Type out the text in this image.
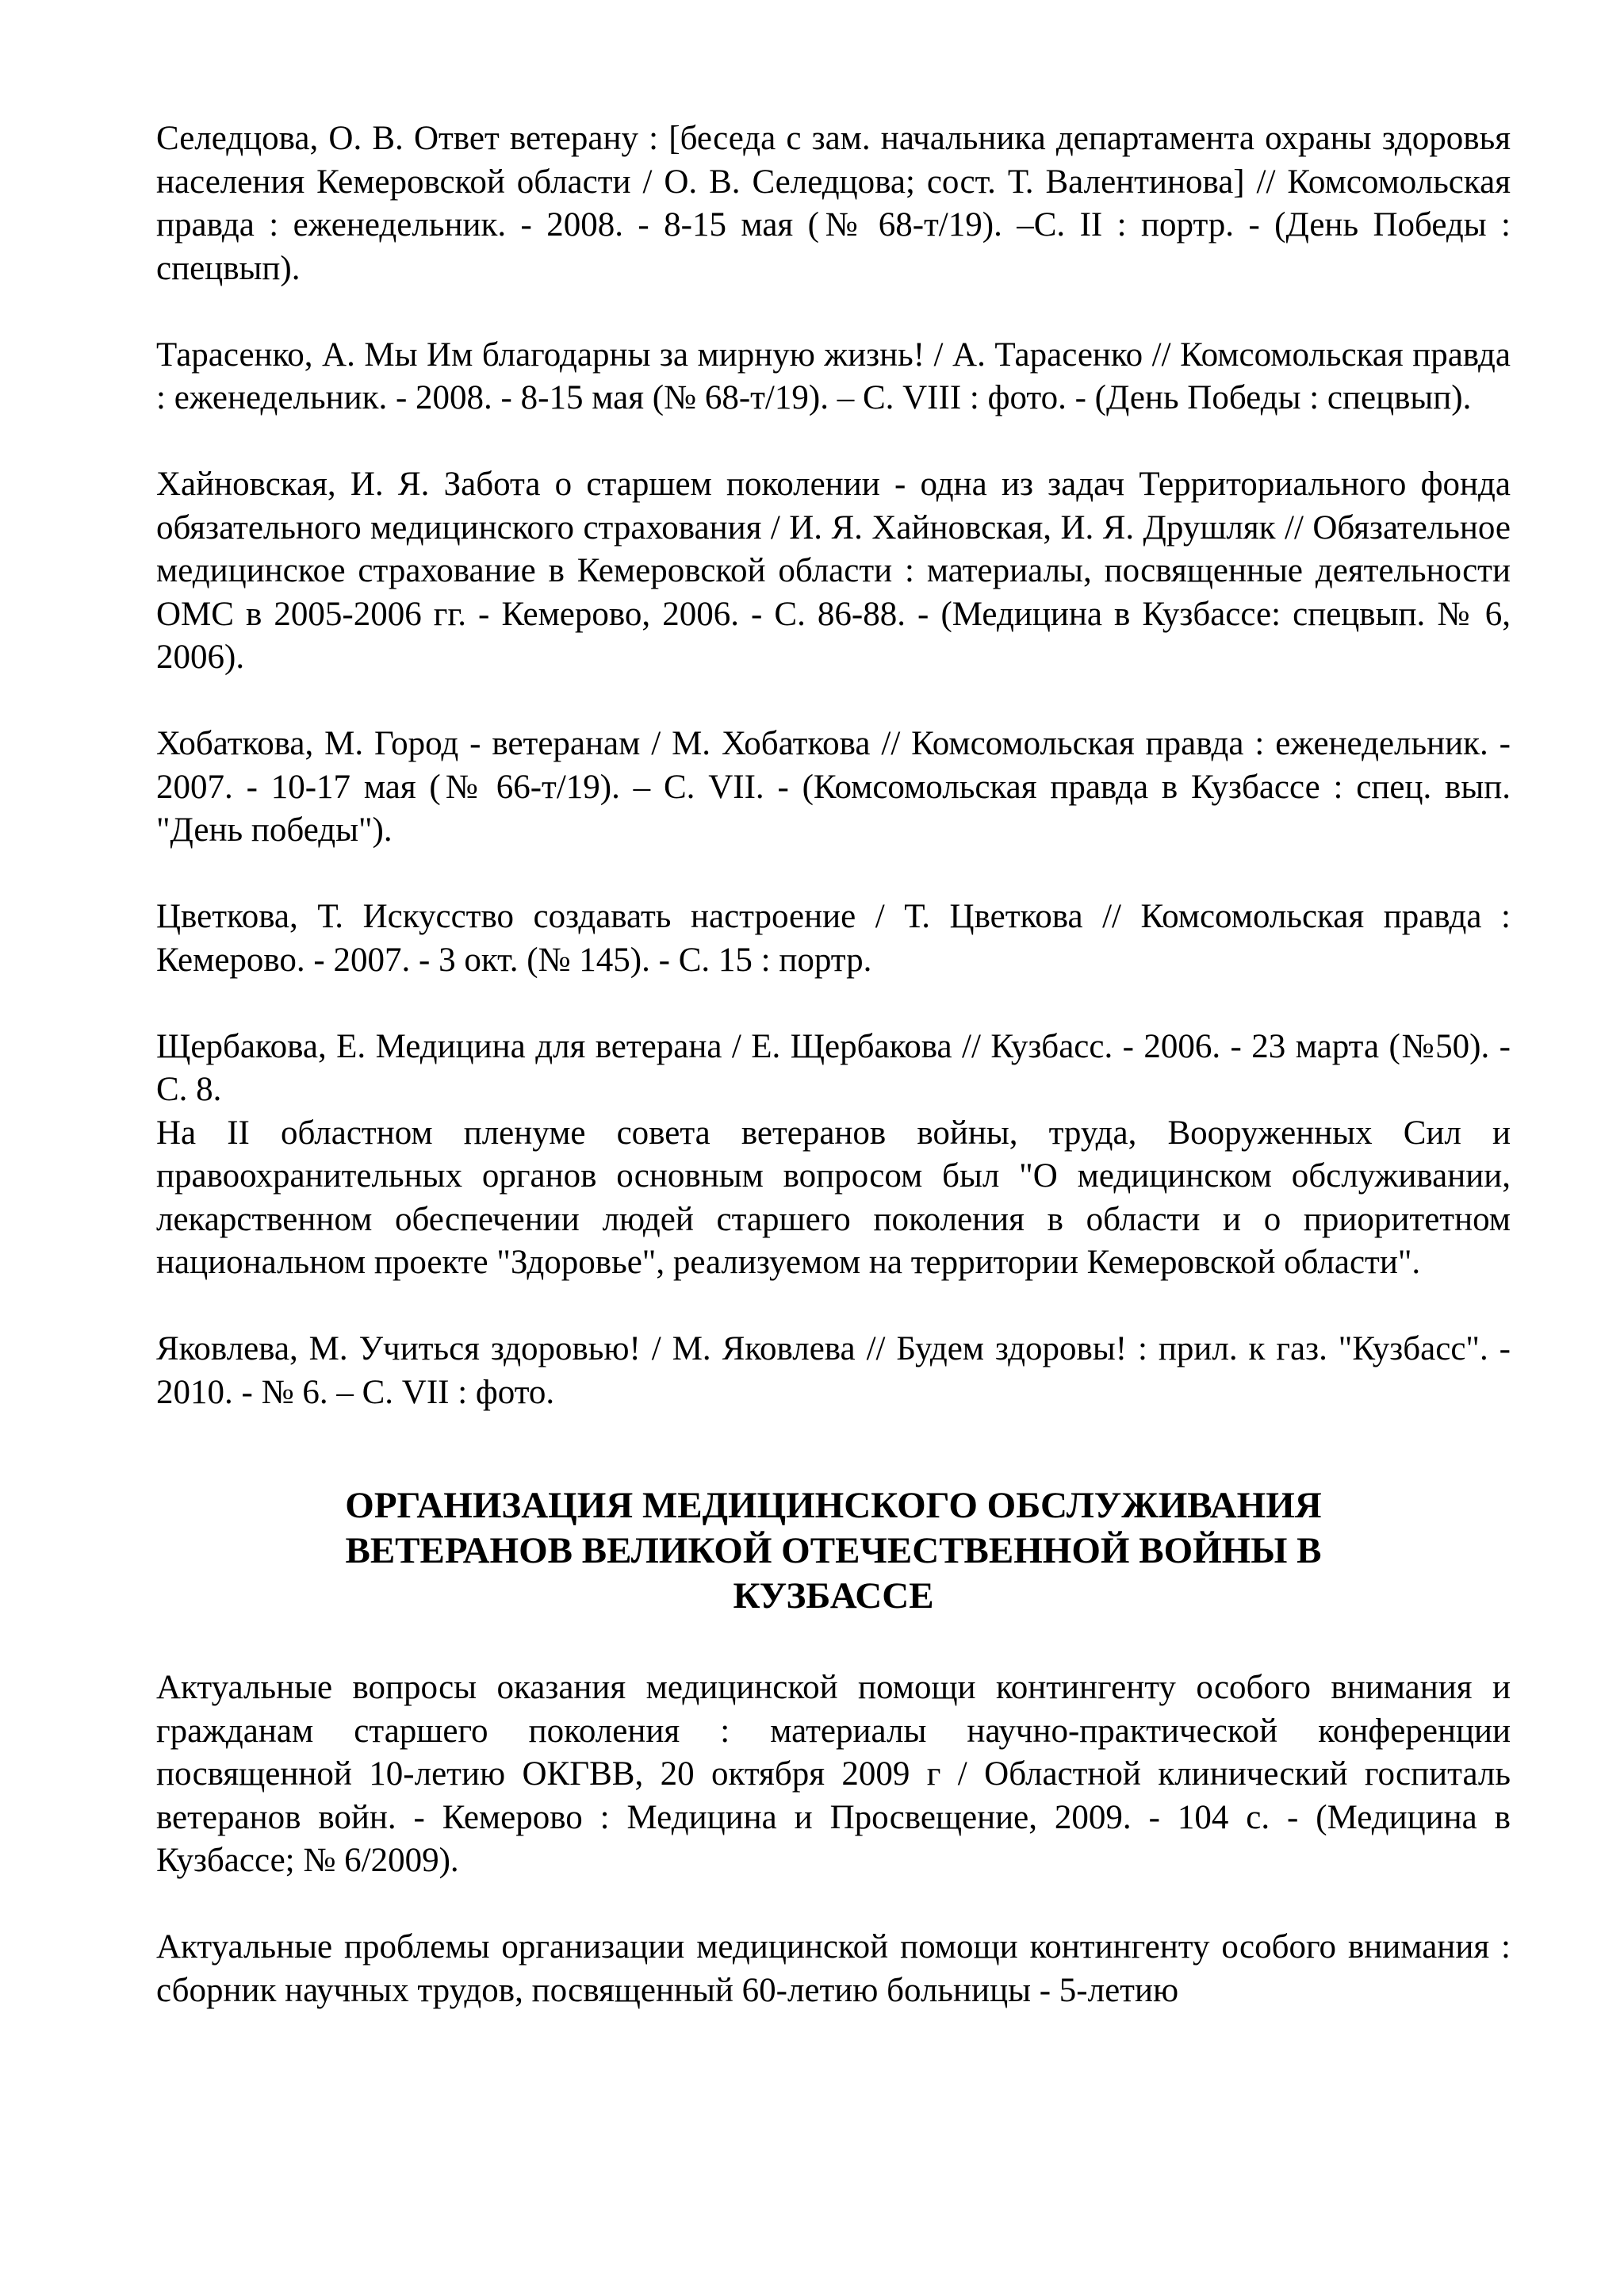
Селедцова, О. В. Ответ ветерану : [беседа с зам. начальника департамента охраны здоровья населения Кемеровской области / О. В. Селедцова; сост. Т. Валентинова] // Комсомольская правда : еженедельник. - 2008. - 8-15 мая (№ 68-т/19). –С. II : портр. - (День Победы : спецвып).

Тарасенко, А. Мы Им благодарны за мирную жизнь! / А. Тарасенко // Комсомольская правда : еженедельник. - 2008. - 8-15 мая (№ 68-т/19). – С. VIII : фото. - (День Победы : спецвып).

Хайновская, И. Я. Забота о старшем поколении - одна из задач Территориального фонда обязательного медицинского страхования / И. Я. Хайновская, И. Я. Друшляк // Обязательное медицинское страхование в Кемеровской области : материалы, посвященные деятельности ОМС в 2005-2006 гг. - Кемерово, 2006. - С. 86-88. - (Медицина в Кузбассе: спецвып. № 6, 2006).

Хобаткова, М. Город - ветеранам / М. Хобаткова // Комсомольская правда : еженедельник. - 2007. - 10-17 мая (№ 66-т/19). – С. VII. - (Комсомольская правда в Кузбассе : спец. вып. "День победы").

Цветкова, Т. Искусство создавать настроение / Т. Цветкова // Комсомольская правда : Кемерово. - 2007. - 3 окт. (№ 145). - С. 15 : портр.

Щербакова, Е. Медицина для ветерана / Е. Щербакова // Кузбасс. - 2006. - 23 марта (№50). - С. 8.

На II областном пленуме совета ветеранов войны, труда, Вооруженных Сил и правоохранительных органов основным вопросом был "О медицинском обслуживании, лекарственном обеспечении людей старшего поколения в области и о приоритетном национальном проекте "Здоровье", реализуемом на территории Кемеровской области".

Яковлева, М. Учиться здоровью! / М. Яковлева // Будем здоровы! : прил. к газ. "Кузбасс". - 2010. - № 6. – С. VII : фото.

ОРГАНИЗАЦИЯ МЕДИЦИНСКОГО ОБСЛУЖИВАНИЯ
ВЕТЕРАНОВ ВЕЛИКОЙ ОТЕЧЕСТВЕННОЙ ВОЙНЫ В
КУЗБАССЕ

Актуальные вопросы оказания медицинской помощи контингенту особого внимания и гражданам старшего поколения : материалы научно-практической конференции посвященной 10-летию ОКГВВ, 20 октября 2009 г / Областной клинический госпиталь ветеранов войн. - Кемерово : Медицина и Просвещение, 2009. - 104 с. - (Медицина в Кузбассе; № 6/2009).

Актуальные проблемы организации медицинской помощи контингенту особого внимания : сборник научных трудов, посвященный 60-летию больницы - 5-летию
